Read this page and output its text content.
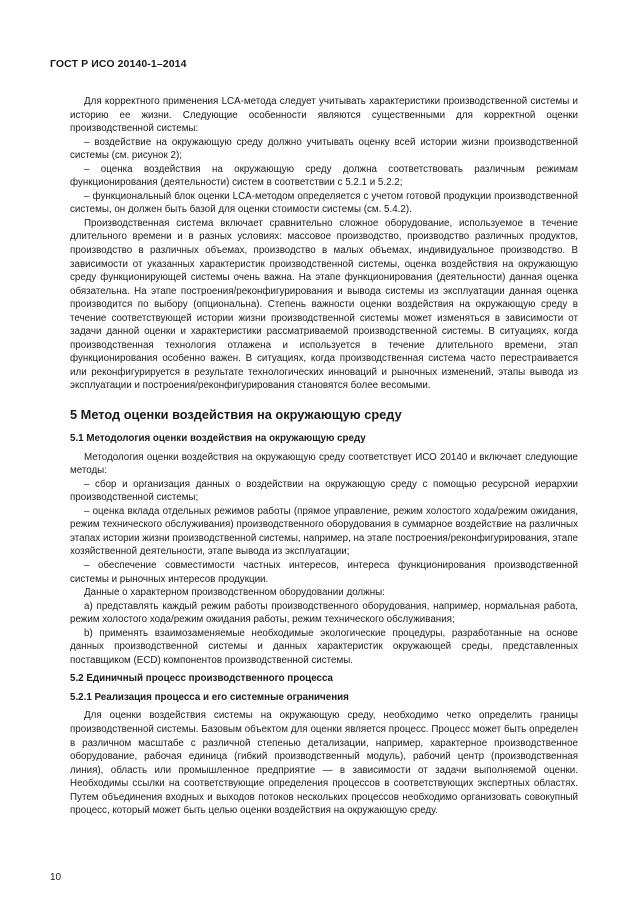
ГОСТ Р ИСО 20140-1–2014

Для корректного применения LCA-метода следует учитывать характеристики производственной системы и историю ее жизни. Следующие особенности являются существенными для корректной оценки производственной системы:

– воздействие на окружающую среду должно учитывать оценку всей истории жизни производственной системы (см. рисунок 2);

– оценка воздействия на окружающую среду должна соответствовать различным режимам функционирования (деятельности) систем в соответствии с 5.2.1 и 5.2.2;

– функциональный блок оценки LCA-методом определяется с учетом готовой продукции производственной системы, он должен быть базой для оценки стоимости системы (см. 5.4.2).

Производственная система включает сравнительно сложное оборудование, используемое в течение длительного времени и в разных условиях: массовое производство, производство различных продуктов, производство в различных объемах, производство в малых объемах, индивидуальное производство. В зависимости от указанных характеристик производственной системы, оценка воздействия на окружающую среду функционирующей системы очень важна. На этапе функционирования (деятельности) данная оценка обязательна. На этапе построения/реконфигурирования и вывода системы из эксплуатации данная оценка производится по выбору (опциональна). Степень важности оценки воздействия на окружающую среду в течение соответствующей истории жизни производственной системы может изменяться в зависимости от задачи данной оценки и характеристики рассматриваемой производственной системы. В ситуациях, когда производственная технология отлажена и используется в течение длительного времени, этап функционирования особенно важен. В ситуациях, когда производственная система часто перестраивается или реконфигурируется в результате технологических инноваций и рыночных изменений, этапы вывода из эксплуатации и построения/реконфигурирования становятся более весомыми.

5 Метод оценки воздействия на окружающую среду

5.1 Методология оценки воздействия на окружающую среду

Методология оценки воздействия на окружающую среду соответствует ИСО 20140 и включает следующие методы:

– сбор и организация данных о воздействии на окружающую среду с помощью ресурсной иерархии производственной системы;

– оценка вклада отдельных режимов работы (прямое управление, режим холостого хода/режим ожидания, режим технического обслуживания) производственного оборудования в суммарное воздействие на различных этапах истории жизни производственной системы, например, на этапе построения/реконфигурирования, этапе хозяйственной деятельности, этапе вывода из эксплуатации;

– обеспечение совместимости частных интересов, интереса функционирования производственной системы и рыночных интересов продукции.

Данные о характерном производственном оборудовании должны:

a) представлять каждый режим работы производственного оборудования, например, нормальная работа, режим холостого хода/режим ожидания работы, режим технического обслуживания;

b) применять взаимозаменяемые необходимые экологические процедуры, разработанные на основе данных производственной системы и данных характеристик окружающей среды, представленных поставщиком (ECD) компонентов производственной системы.

5.2 Единичный процесс производственного процесса

5.2.1 Реализация процесса и его системные ограничения

Для оценки воздействия системы на окружающую среду, необходимо четко определить границы производственной системы. Базовым объектом для оценки является процесс. Процесс может быть определен в различном масштабе с различной степенью детализации, например, характерное производственное оборудование, рабочая единица (гибкий производственный модуль), рабочий центр (производственная линия), область или промышленное предприятие — в зависимости от задачи выполняемой оценки. Необходимы ссылки на соответствующие определения процессов в соответствующих экспертных областях. Путем объединения входных и выходов потоков нескольких процессов необходимо организовать совокупный процесс, который может быть целью оценки воздействия на окружающую среду.

10
